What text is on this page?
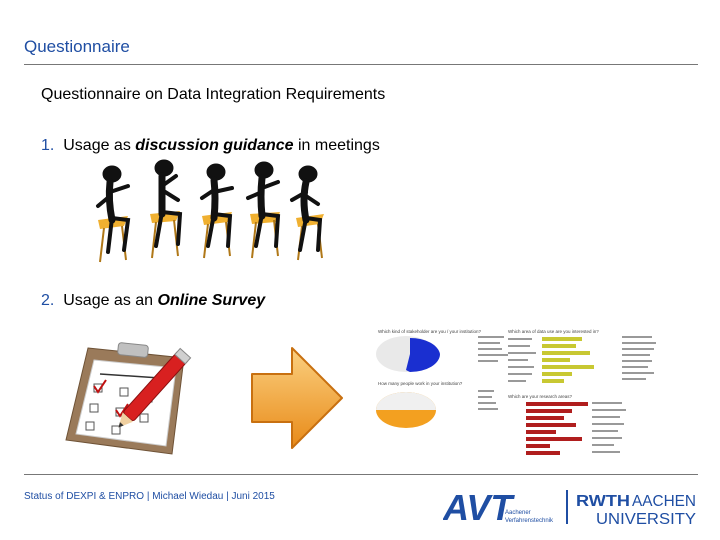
Questionnaire
Questionnaire on Data Integration Requirements
1. Usage as discussion guidance in meetings
2. Usage as an Online Survey
Which kind of stakeholder are you / your institution?
How many people work in your institution?
Which area of data use are you interested in?
Which are your research areas?
Status of DEXPI & ENPRO | Michael Wiedau | Juni 2015	AVT
Aachener
Verfahrenstechnik
RWTH AACHEN
UNIVERSITY
